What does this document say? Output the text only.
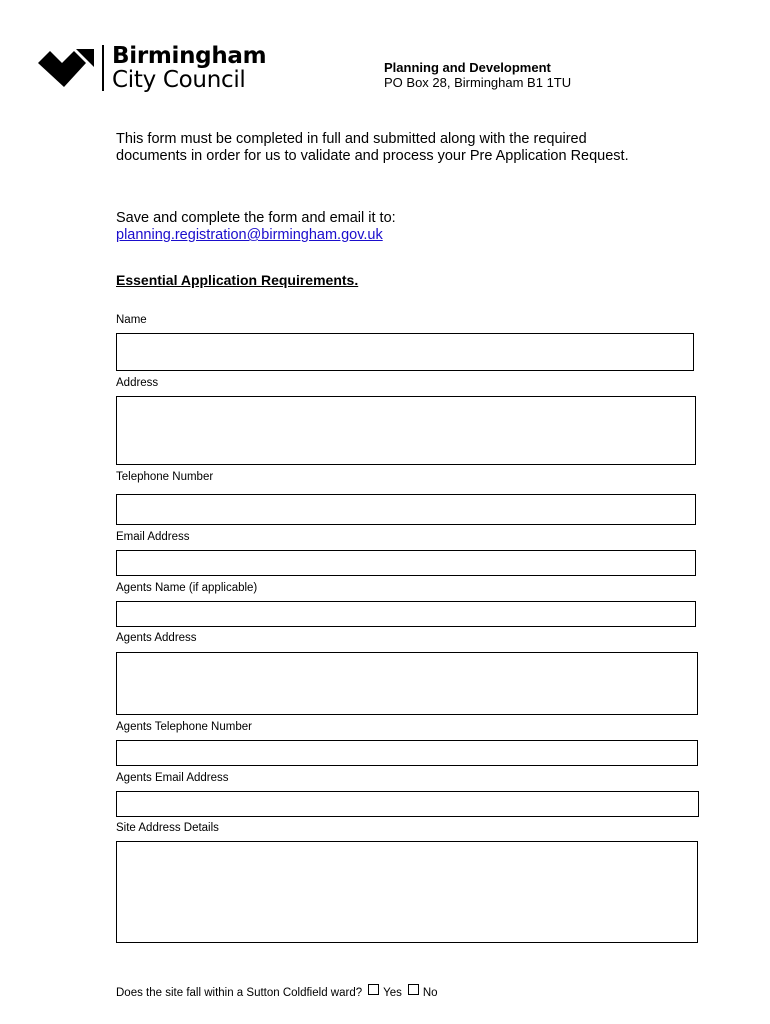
Birmingham
City Council	Planning and Development
PO Box 28, Birmingham B1 1TU
This form must be completed in full and submitted along with the required documents in order for us to validate and process your Pre Application Request.
Save and complete the form and email it to:
planning.registration@birmingham.gov.uk
Essential Application Requirements.
Name
Address
Telephone Number
Email Address
Agents Name (if applicable)
Agents Address
Agents Telephone Number
Agents Email Address
Site Address Details
Does the site fall within a Sutton Coldfield ward? Yes No
